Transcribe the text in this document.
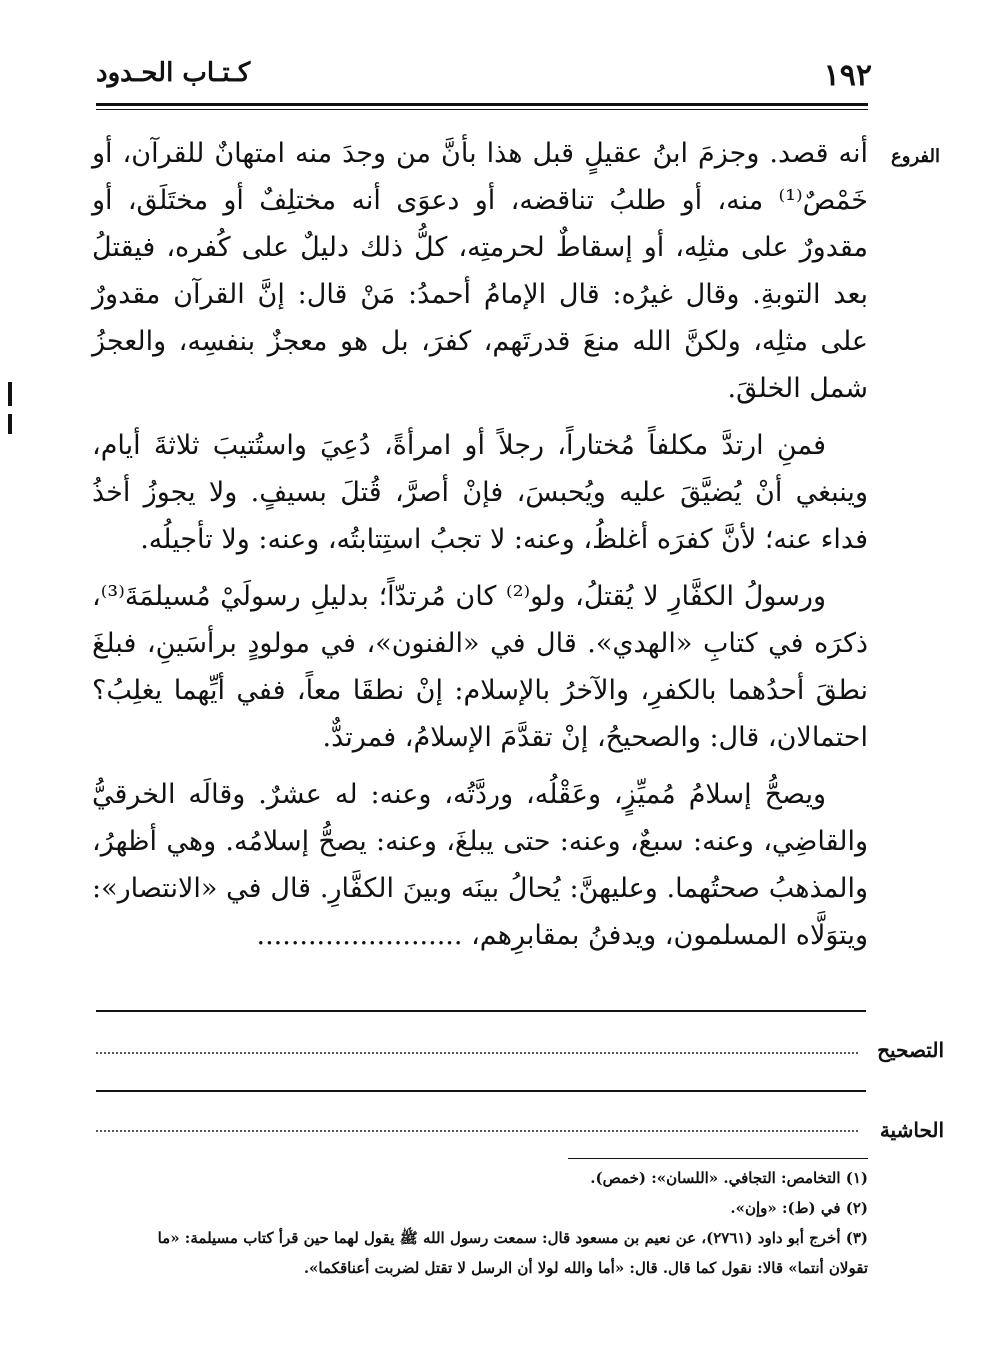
١٩٢
كـتـاب الحـدود
الفروع

أنه قصد. وجزمَ ابنُ عقيلٍ قبل هذا بأنَّ من وجدَ منه امتهانٌ للقرآن، أو خَمْصٌ⁽¹⁾ منه، أو طلبُ تناقضه، أو دعوَى أنه مختلِفٌ أو مختَلَق، أو مقدورٌ على مثلِه، أو إسقاطٌ لحرمتِه، كلُّ ذلك دليلٌ على كُفره، فيقتلُ بعد التوبةِ. وقال غيرُه: قال الإمامُ أحمدُ: مَنْ قال: إنَّ القرآن مقدورٌ على مثلِه، ولكنَّ الله منعَ قدرتَهم، كفرَ، بل هو معجزٌ بنفسِه، والعجزُ شمل الخلقَ.

فمنِ ارتدَّ مكلفاً مُختاراً، رجلاً أو امرأةً، دُعِيَ واستُتيبَ ثلاثةَ أيام، وينبغي أنْ يُضيَّقَ عليه ويُحبسَ، فإنْ أصرَّ، قُتلَ بسيفٍ. ولا يجوزُ أخذُ فداء عنه؛ لأنَّ كفرَه أغلظُ، وعنه: لا تجبُ استِتابتُه، وعنه: ولا تأجيلُه.

ورسولُ الكفَّارِ لا يُقتلُ، ولو⁽²⁾ كان مُرتدّاً؛ بدليلِ رسولَيْ مُسيلمَةَ⁽³⁾، ذكرَه في كتابِ «الهدي». قال في «الفنون»، في مولودٍ برأسَينِ، فبلغَ نطقَ أحدُهما بالكفرِ، والآخرُ بالإسلام: إنْ نطقَا معاً، ففي أيِّهما يغلِبُ؟ احتمالان، قال: والصحيحُ، إنْ تقدَّمَ الإسلامُ، فمرتدٌّ.

ويصحُّ إسلامُ مُميِّزٍ، وعَقْلُه، وردَّتُه، وعنه: له عشرٌ. وقالَه الخرقيُّ والقاضِي، وعنه: سبعٌ، وعنه: حتى يبلغَ، وعنه: يصحُّ إسلامُه. وهي أظهرُ، والمذهبُ صحتُهما. وعليهنَّ: يُحالُ بينَه وبينَ الكفَّارِ. قال في «الانتصار»: ويتوَلَّاه المسلمون، ويدفنُ بمقابرِهم، ........................

التصحيح
الحاشية
(١) التخامص: التجافي. «اللسان»: (خمص).
(٢) في (ط): «وإن».
(٣) أخرج أبو داود (٢٧٦١)، عن نعيم بن مسعود قال: سمعت رسول الله ﷺ يقول لهما حين قرأ كتاب مسيلمة: «ما
تقولان أنتما» قالا: نقول كما قال. قال: «أما والله لولا أن الرسل لا تقتل لضربت أعناقكما».
